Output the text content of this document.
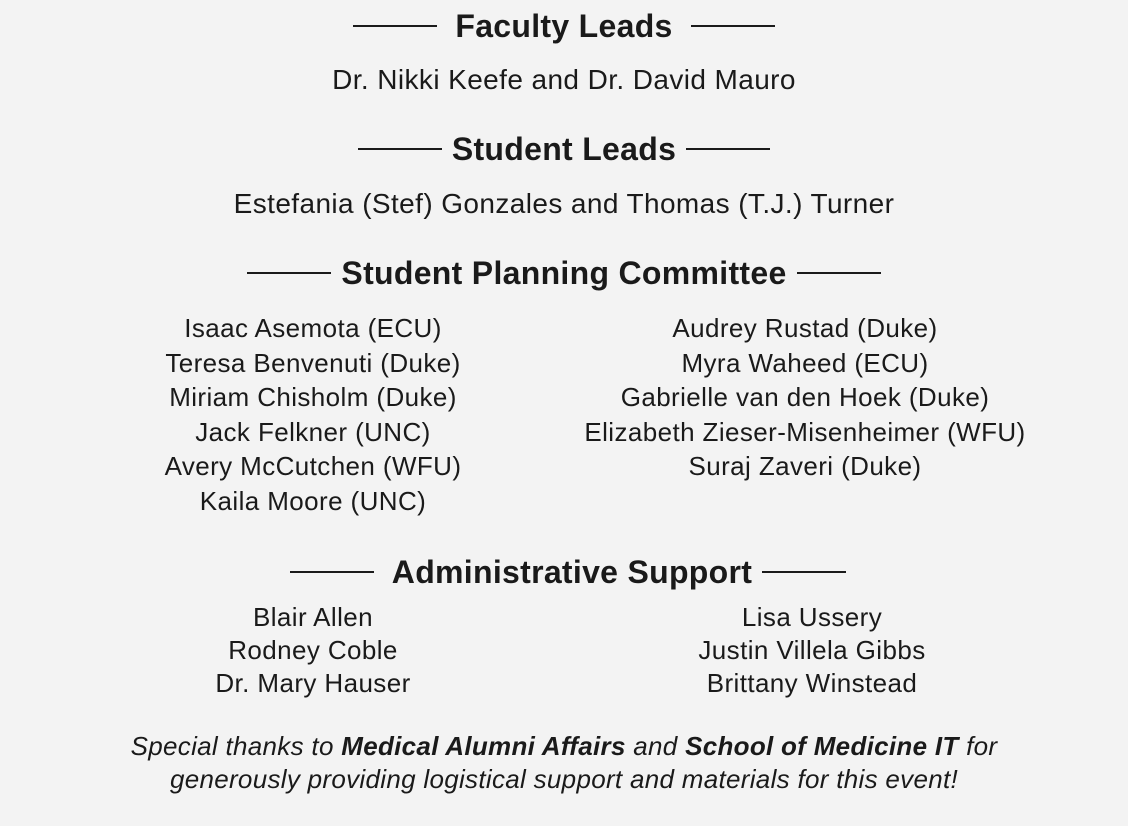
Faculty Leads
Dr. Nikki Keefe and Dr. David Mauro
Student Leads
Estefania (Stef) Gonzales and Thomas (T.J.) Turner
Student Planning Committee
Isaac Asemota (ECU)
Teresa Benvenuti (Duke)
Miriam Chisholm (Duke)
Jack Felkner (UNC)
Avery McCutchen (WFU)
Kaila Moore (UNC)
Audrey Rustad (Duke)
Myra Waheed (ECU)
Gabrielle van den Hoek (Duke)
Elizabeth Zieser-Misenheimer (WFU)
Suraj Zaveri (Duke)
Administrative Support
Blair Allen
Rodney Coble
Dr. Mary Hauser
Lisa Ussery
Justin Villela Gibbs
Brittany Winstead
Special thanks to Medical Alumni Affairs and School of Medicine IT for
generously providing logistical support and materials for this event!
